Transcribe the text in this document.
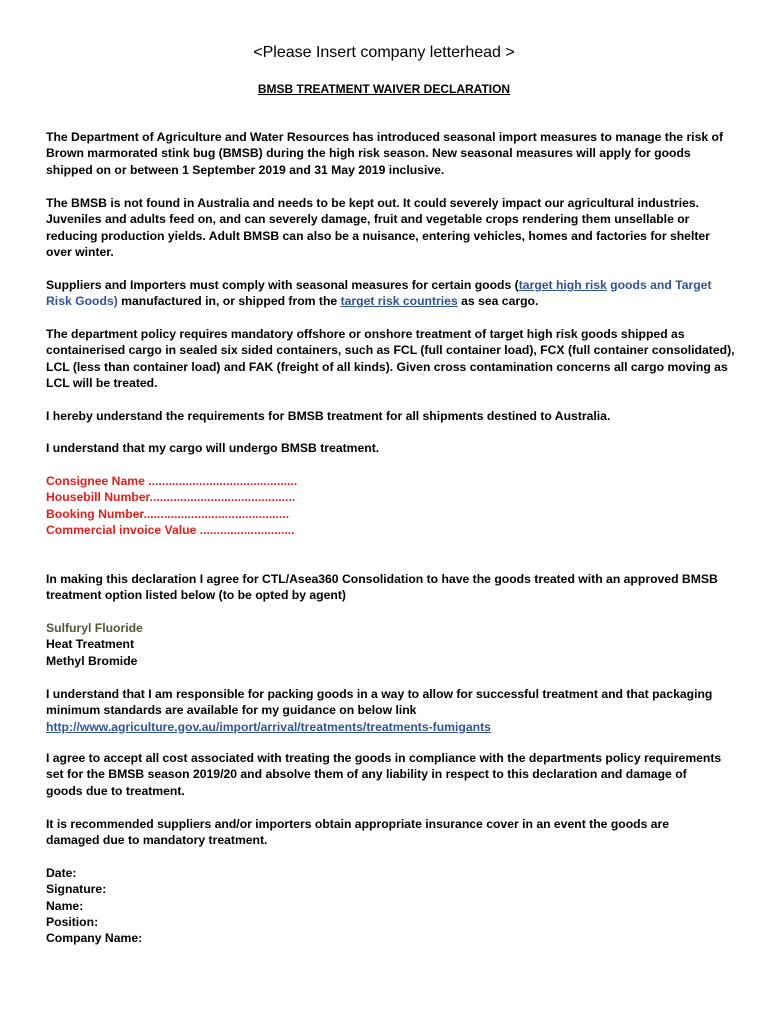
<Please Insert company letterhead >
BMSB TREATMENT WAIVER DECLARATION
The Department of Agriculture and Water Resources has introduced seasonal import measures to manage the risk of
Brown marmorated stink bug (BMSB) during the high risk season. New seasonal measures will apply for goods
shipped on or between 1 September 2019 and 31 May 2019 inclusive.
The BMSB is not found in Australia and needs to be kept out. It could severely impact our agricultural industries.
Juveniles and adults feed on, and can severely damage, fruit and vegetable crops rendering them unsellable or
reducing production yields. Adult BMSB can also be a nuisance, entering vehicles, homes and factories for shelter
over winter.
Suppliers and Importers must comply with seasonal measures for certain goods (target high risk goods and Target
Risk Goods) manufactured in, or shipped from the target risk countries as sea cargo.
The department policy requires mandatory offshore or onshore treatment of target high risk goods shipped as
containerised cargo in sealed six sided containers, such as FCL (full container load), FCX (full container consolidated),
LCL (less than container load) and FAK (freight of all kinds). Given cross contamination concerns all cargo moving as
LCL will be treated.
I hereby understand the requirements for BMSB treatment for all shipments destined to Australia.
I understand that my cargo will undergo BMSB treatment.
Consignee Name ............................................
Housebill Number...........................................
Booking Number...........................................
Commercial invoice Value ............................
In making this declaration I agree for CTL/Asea360 Consolidation to have the goods treated with an approved BMSB
treatment option listed below (to be opted by agent)
Sulfuryl Fluoride
Heat Treatment
Methyl Bromide
I understand that I am responsible for packing goods in a way to allow for successful treatment and that packaging
minimum standards are available for my guidance on below link
http://www.agriculture.gov.au/import/arrival/treatments/treatments-fumigants
I agree to accept all cost associated with treating the goods in compliance with the departments policy requirements
set for the BMSB season 2019/20 and absolve them of any liability in respect to this declaration and damage of
goods due to treatment.
It is recommended suppliers and/or importers obtain appropriate insurance cover in an event the goods are
damaged due to mandatory treatment.
Date:
Signature:
Name:
Position:
Company Name:
